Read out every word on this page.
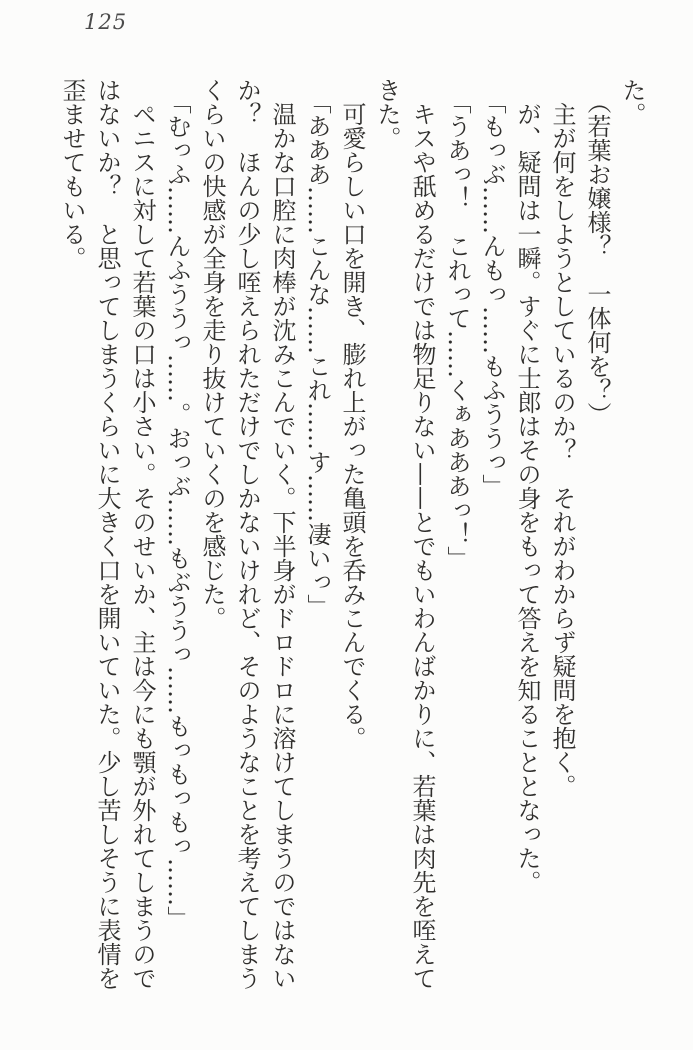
125

た。

（若葉お嬢様？　一体何を？）

主が何をしようとしているのか？　それがわからず疑問を抱く。

が、疑問は一瞬。すぐに士郎はその身をもって答えを知ることとなった。

「もっぶ……んもっ……もふううっ」

「うあっ！　これって……くぁあああっ！」

キスや舐めるだけでは物足りない——とでもいわんばかりに、若葉は肉先を咥えてきた。

可愛らしい口を開き、膨れ上がった亀頭を呑みこんでくる。

「あああ……こんな……これ……す……凄いっ」

温かな口腔に肉棒が沈みこんでいく。下半身がドロドロに溶けてしまうのではないか？　ほんの少し咥えられただけでしかないけれど、そのようなことを考えてしまうくらいの快感が全身を走り抜けていくのを感じた。

「むっふ……んふううっ……。おっぶ……もぶううっ……もっもっもっ……」

ペニスに対して若葉の口は小さい。そのせいか、主は今にも顎が外れてしまうのではないか？　と思ってしまうくらいに大きく口を開いていた。少し苦しそうに表情を歪ませてもいる。
